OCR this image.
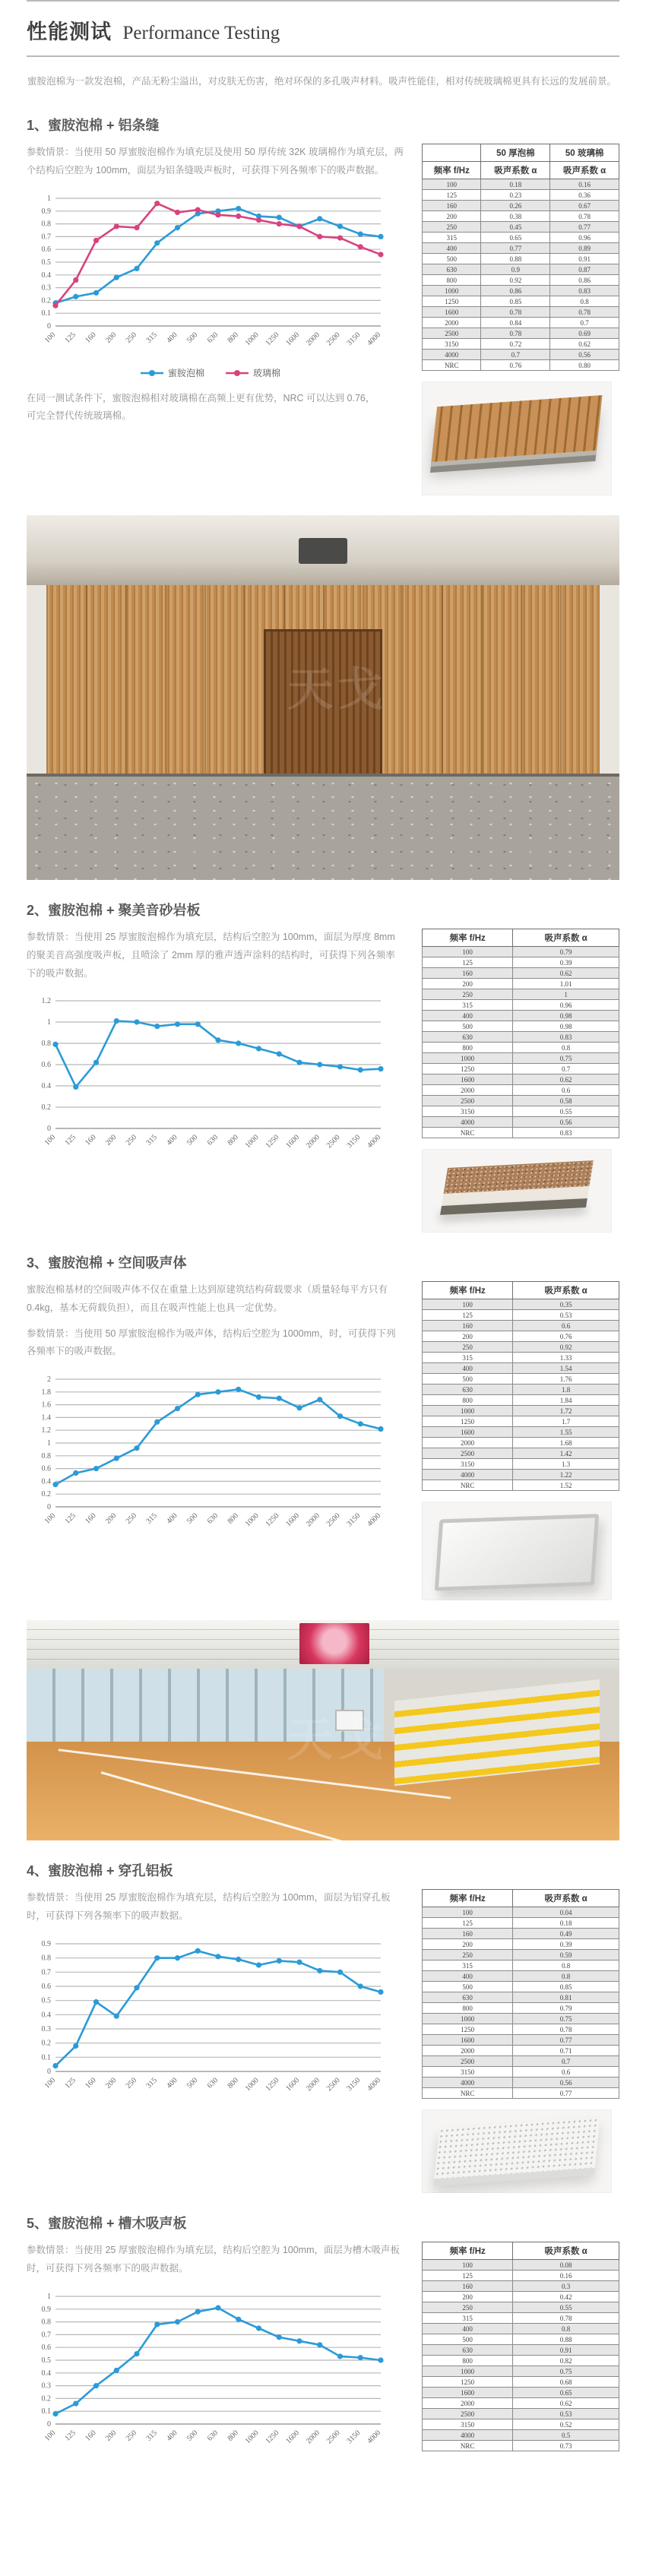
性能测试 Performance Testing
蜜胺泡棉为一款发泡棉，产品无粉尘溢出，对皮肤无伤害，绝对环保的多孔吸声材料。吸声性能佳，相对传统玻璃棉更具有长远的发展前景。
1、蜜胺泡棉 + 铝条缝

参数情景：当使用 50 厚蜜胺泡棉作为填充层及使用 50 厚传统 32K 玻璃棉作为填充层，两个结构后空腔为 100mm，面层为铝条缝吸声板时，可获得下列各频率下的吸声数据。

0
0.1
0.2
0.3
0.4
0.5
0.6
0.7
0.8
0.9
1
100 125 160 200 250 315 400 500 630 800 1000 1250 1600 2000 2500 3150 4000
蜜胺泡棉	玻璃棉

在同一测试条件下，蜜胺泡棉相对玻璃棉在高频上更有优势，NRC 可以达到 0.76，可完全替代传统玻璃棉。

	50 厚泡棉	50 玻璃棉
频率 f/Hz	吸声系数 α	吸声系数 α
100	0.18	0.16
125	0.23	0.36
160	0.26	0.67
200	0.38	0.78
250	0.45	0.77
315	0.65	0.96
400	0.77	0.89
500	0.88	0.91
630	0.9	0.87
800	0.92	0.86
1000	0.86	0.83
1250	0.85	0.8
1600	0.78	0.78
2000	0.84	0.7
2500	0.78	0.69
3150	0.72	0.62
4000	0.7	0.56
NRC	0.76	0.80
2、蜜胺泡棉 + 聚美音砂岩板

参数情景：当使用 25 厚蜜胺泡棉作为填充层，结构后空腔为 100mm，面层为厚度 8mm 的聚美音高强度吸声板，且喷涂了 2mm 厚的雅声透声涂料的结构时，可获得下列各频率下的吸声数据。

0
0.2
0.4
0.6
0.8
1
1.2
100 125 160 200 250 315 400 500 630 800 1000 1250 1600 2000 2500 3150 4000
频率 f/Hz	吸声系数 α
100	0.79
125	0.39
160	0.62
200	1.01
250	1
315	0.96
400	0.98
500	0.98
630	0.83
800	0.8
1000	0.75
1250	0.7
1600	0.62
2000	0.6
2500	0.58
3150	0.55
4000	0.56
NRC	0.83
3、蜜胺泡棉 + 空间吸声体

蜜胺泡棉基材的空间吸声体不仅在重量上达到原建筑结构荷载要求（质量轻每平方只有 0.4kg，基本无荷载负担），而且在吸声性能上也具一定优势。

参数情景：当使用 50 厚蜜胺泡棉作为吸声体，结构后空腔为 1000mm，时，可获得下列各频率下的吸声数据。

0
0.2
0.4
0.6
0.8
1
1.2
1.4
1.6
1.8
2
100 125 160 200 250 315 400 500 630 800 1000 1250 1600 2000 2500 3150 4000
频率 f/Hz	吸声系数 α
100	0.35
125	0.53
160	0.6
200	0.76
250	0.92
315	1.33
400	1.54
500	1.76
630	1.8
800	1.84
1000	1.72
1250	1.7
1600	1.55
2000	1.68
2500	1.42
3150	1.3
4000	1.22
NRC	1.52
4、蜜胺泡棉 + 穿孔铝板

参数情景：当使用 25 厚蜜胺泡棉作为填充层，结构后空腔为 100mm，面层为铝穿孔板时，可获得下列各频率下的吸声数据。

0
0.1
0.2
0.3
0.4
0.5
0.6
0.7
0.8
0.9
100 125 160 200 250 315 400 500 630 800 1000 1250 1600 2000 2500 3150 4000
频率 f/Hz	吸声系数 α
100	0.04
125	0.18
160	0.49
200	0.39
250	0.59
315	0.8
400	0.8
500	0.85
630	0.81
800	0.79
1000	0.75
1250	0.78
1600	0.77
2000	0.71
2500	0.7
3150	0.6
4000	0.56
NRC	0.77
5、蜜胺泡棉 + 槽木吸声板

参数情景：当使用 25 厚蜜胺泡棉作为填充层，结构后空腔为 100mm，面层为槽木吸声板时，可获得下列各频率下的吸声数据。

0
0.1
0.2
0.3
0.4
0.5
0.6
0.7
0.8
0.9
1
100 125 160 200 250 315 400 500 630 800 1000 1250 1600 2000 2500 3150 4000
频率 f/Hz	吸声系数 α
100	0.08
125	0.16
160	0.3
200	0.42
250	0.55
315	0.78
400	0.8
500	0.88
630	0.91
800	0.82
1000	0.75
1250	0.68
1600	0.65
2000	0.62
2500	0.53
3150	0.52
4000	0.5
NRC	0.73
